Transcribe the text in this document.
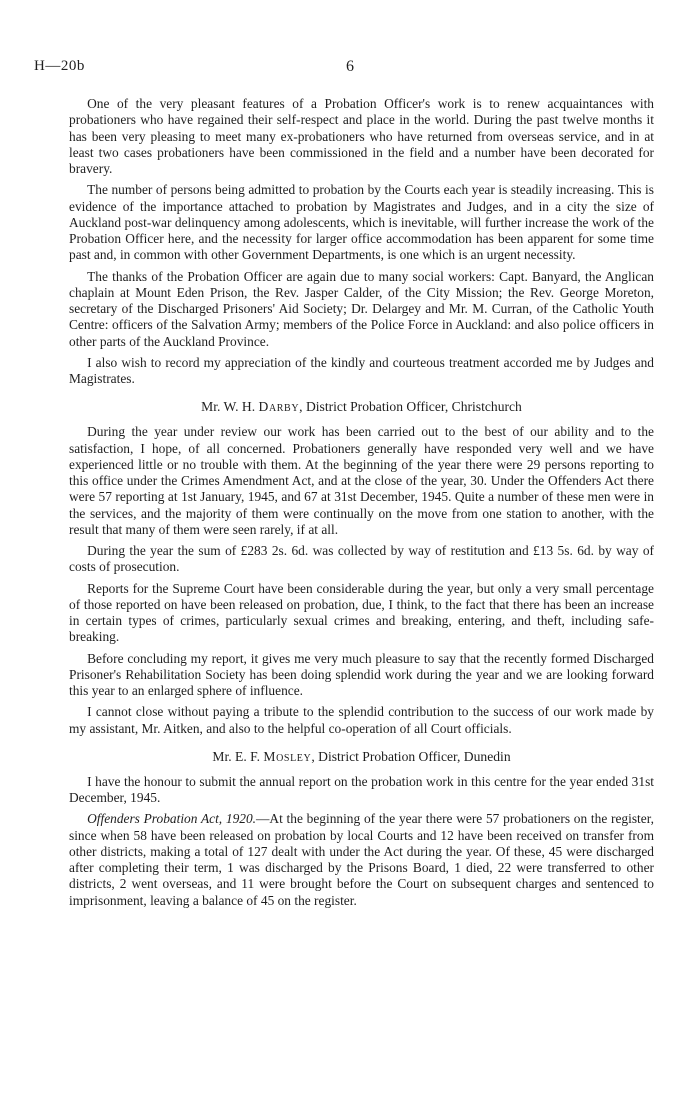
H—20b	6

One of the very pleasant features of a Probation Officer's work is to renew acquaintances with probationers who have regained their self-respect and place in the world. During the past twelve months it has been very pleasing to meet many ex-probationers who have returned from overseas service, and in at least two cases probationers have been commissioned in the field and a number have been decorated for bravery.

The number of persons being admitted to probation by the Courts each year is steadily increasing. This is evidence of the importance attached to probation by Magistrates and Judges, and in a city the size of Auckland post-war delinquency among adolescents, which is inevitable, will further increase the work of the Probation Officer here, and the necessity for larger office accommodation has been apparent for some time past and, in common with other Government Departments, is one which is an urgent necessity.

The thanks of the Probation Officer are again due to many social workers: Capt. Banyard, the Anglican chaplain at Mount Eden Prison, the Rev. Jasper Calder, of the City Mission; the Rev. George Moreton, secretary of the Discharged Prisoners' Aid Society; Dr. Delargey and Mr. M. Curran, of the Catholic Youth Centre: officers of the Salvation Army; members of the Police Force in Auckland: and also police officers in other parts of the Auckland Province.

I also wish to record my appreciation of the kindly and courteous treatment accorded me by Judges and Magistrates.

Mr. W. H. Darby, District Probation Officer, Christchurch

During the year under review our work has been carried out to the best of our ability and to the satisfaction, I hope, of all concerned. Probationers generally have responded very well and we have experienced little or no trouble with them. At the beginning of the year there were 29 persons reporting to this office under the Crimes Amendment Act, and at the close of the year, 30. Under the Offenders Act there were 57 reporting at 1st January, 1945, and 67 at 31st December, 1945. Quite a number of these men were in the services, and the majority of them were continually on the move from one station to another, with the result that many of them were seen rarely, if at all.

During the year the sum of £283 2s. 6d. was collected by way of restitution and £13 5s. 6d. by way of costs of prosecution.

Reports for the Supreme Court have been considerable during the year, but only a very small percentage of those reported on have been released on probation, due, I think, to the fact that there has been an increase in certain types of crimes, particularly sexual crimes and breaking, entering, and theft, including safe-breaking.

Before concluding my report, it gives me very much pleasure to say that the recently formed Discharged Prisoner's Rehabilitation Society has been doing splendid work during the year and we are looking forward this year to an enlarged sphere of influence.

I cannot close without paying a tribute to the splendid contribution to the success of our work made by my assistant, Mr. Aitken, and also to the helpful co-operation of all Court officials.

Mr. E. F. Mosley, District Probation Officer, Dunedin

I have the honour to submit the annual report on the probation work in this centre for the year ended 31st December, 1945.

Offenders Probation Act, 1920.—At the beginning of the year there were 57 probationers on the register, since when 58 have been released on probation by local Courts and 12 have been received on transfer from other districts, making a total of 127 dealt with under the Act during the year. Of these, 45 were discharged after completing their term, 1 was discharged by the Prisons Board, 1 died, 22 were transferred to other districts, 2 went overseas, and 11 were brought before the Court on subsequent charges and sentenced to imprisonment, leaving a balance of 45 on the register.
